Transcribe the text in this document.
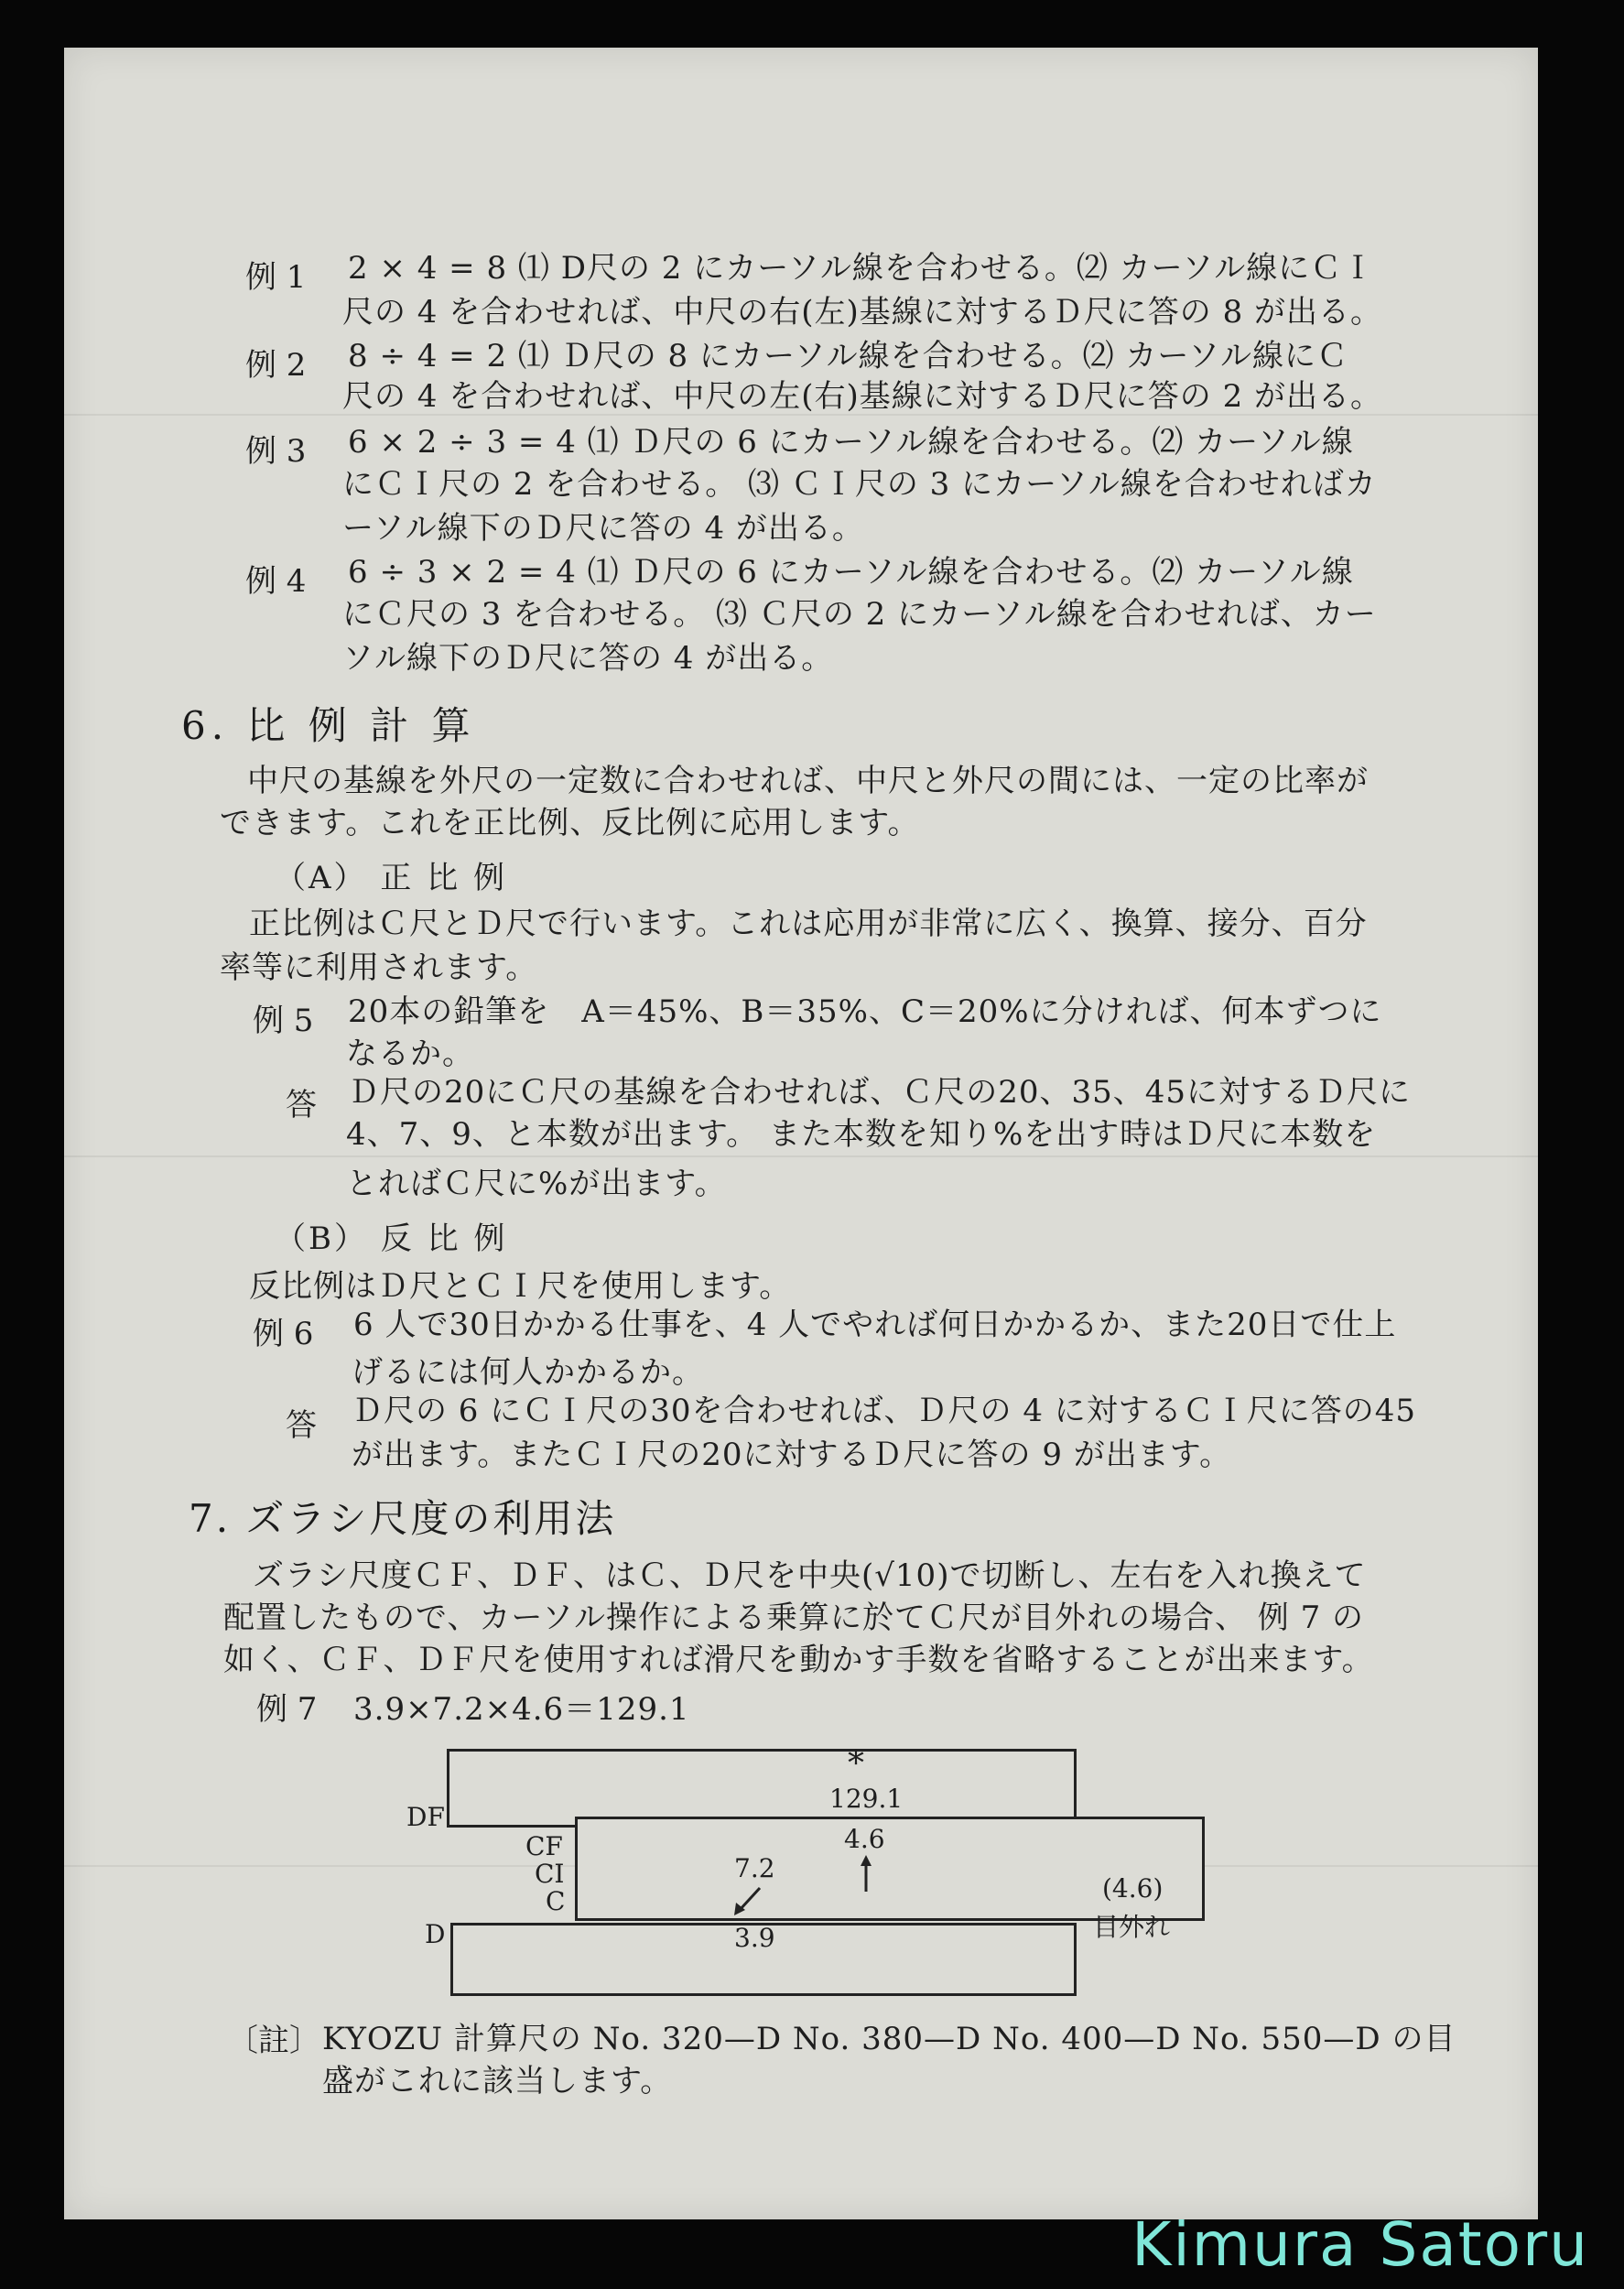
例 1 2 × 4 = 8 ⑴ D尺の 2 にカーソル線を合わせる。⑵ カーソル線にＣＩ
尺の 4 を合わせれば、中尺の右(左)基線に対するＤ尺に答の 8 が出る。
例 2 8 ÷ 4 = 2 ⑴ Ｄ尺の 8 にカーソル線を合わせる。⑵ カーソル線にＣ
尺の 4 を合わせれば、中尺の左(右)基線に対するＤ尺に答の 2 が出る。
例 3 6 × 2 ÷ 3 = 4 ⑴ Ｄ尺の 6 にカーソル線を合わせる。⑵ カーソル線
にＣＩ尺の 2 を合わせる。 ⑶ ＣＩ尺の 3 にカーソル線を合わせればカ
ーソル線下のＤ尺に答の 4 が出る。
例 4 6 ÷ 3 × 2 = 4 ⑴ Ｄ尺の 6 にカーソル線を合わせる。⑵ カーソル線
にＣ尺の 3 を合わせる。 ⑶ Ｃ尺の 2 にカーソル線を合わせれば、カー
ソル線下のＤ尺に答の 4 が出る。
6. 比 例 計 算
中尺の基線を外尺の一定数に合わせれば、中尺と外尺の間には、一定の比率が
できます。これを正比例、反比例に応用します。
（A） 正 比 例
正比例はＣ尺とＤ尺で行います。これは応用が非常に広く、換算、接分、百分
率等に利用されます。
例 5 20本の鉛筆を　A＝45%、B＝35%、C＝20%に分ければ、何本ずつに
なるか。
答 Ｄ尺の20にＣ尺の基線を合わせれば、Ｃ尺の20、35、45に対するＤ尺に
4、7、9、と本数が出ます。 また本数を知り%を出す時はＤ尺に本数を
とればＣ尺に%が出ます。
（B） 反 比 例
反比例はＤ尺とＣＩ尺を使用します。
例 6 6 人で30日かかる仕事を、4 人でやれば何日かかるか、また20日で仕上
げるには何人かかるか。
答 Ｄ尺の 6 にＣＩ尺の30を合わせれば、Ｄ尺の 4 に対するＣＩ尺に答の45
が出ます。またＣＩ尺の20に対するＤ尺に答の 9 が出ます。
7. ズラシ尺度の利用法
ズラシ尺度ＣＦ、ＤＦ、はＣ、Ｄ尺を中央(√10)で切断し、左右を入れ換えて
配置したもので、カーソル操作による乗算に於てＣ尺が目外れの場合、 例 7 の
如く、ＣＦ、ＤＦ尺を使用すれば滑尺を動かす手数を省略することが出来ます。
例 7 3.9×7.2×4.6＝129.1
DF
CF
CI
C
D
*
129.1
4.6
7.2
3.9
(4.6)
目外れ
〔註〕 KYOZU 計算尺の No. 320—D No. 380—D No. 400—D No. 550—D の目
盛がこれに該当します。
Kimura Satoru
